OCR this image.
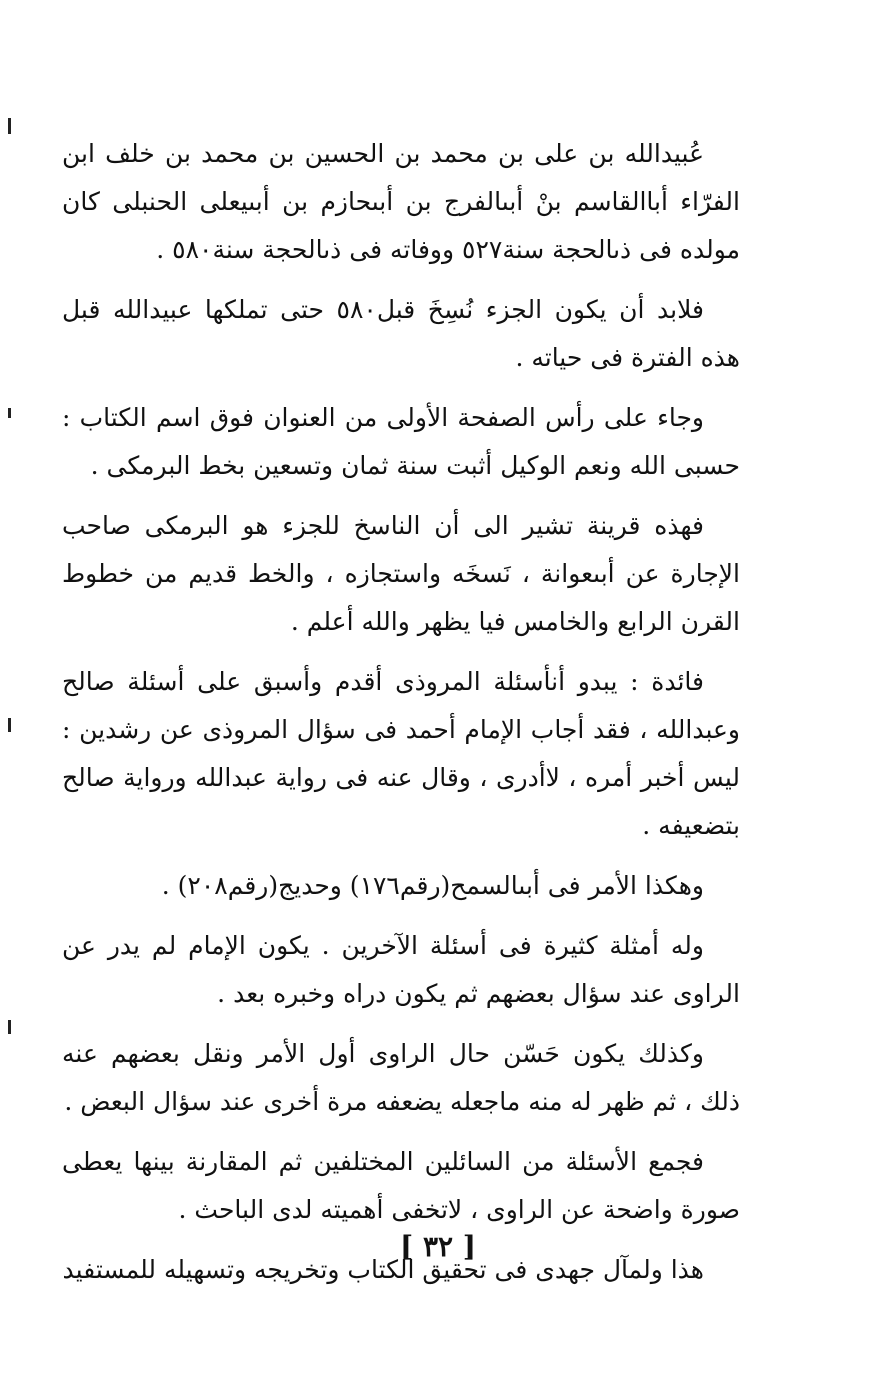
عُبيدالله بن على بن محمد بن الحسين بن محمد بن خلف ابن الفرّاء أباالقاسم بنْ أبىالفرج بن أبىحازم بن أبىيعلى الحنبلى كان مولده فى ذىالحجة سنة٥٢٧ ووفاته فى ذىالحجة سنة٥٨٠ .

فلابد أن يكون الجزء نُسِخَ قبل٥٨٠ حتى تملكها عبيدالله قبل هذه الفترة فى حياته .

وجاء على رأس الصفحة الأولى من العنوان فوق اسم الكتاب : حسبى الله ونعم الوكيل أثبت سنة ثمان وتسعين بخط البرمكى .

فهذه قرينة تشير الى أن الناسخ للجزء هو البرمكى صاحب الإجارة عن أبىعوانة ، نَسخَه واستجازه ، والخط قديم من خطوط القرن الرابع والخامس فيا يظهر والله أعلم .

فائدة : يبدو أنأسئلة المروذى أقدم وأسبق على أسئلة صالح وعبدالله ، فقد أجاب الإمام أحمد فى سؤال المروذى عن رشدين : ليس أخبر أمره ، لاأدرى ، وقال عنه فى رواية عبدالله ورواية صالح بتضعيفه .

وهكذا الأمر فى أبىالسمح(رقم١٧٦) وحديج(رقم٢٠٨) .

وله أمثلة كثيرة فى أسئلة الآخرين . يكون الإمام لم يدر عن الراوى عند سؤال بعضهم ثم يكون دراه وخبره بعد .

وكذلك يكون حَسّن حال الراوى أول الأمر ونقل بعضهم عنه ذلك ، ثم ظهر له منه ماجعله يضعفه مرة أخرى عند سؤال البعض .

فجمع الأسئلة من السائلين المختلفين ثم المقارنة بينها يعطى صورة واضحة عن الراوى ، لاتخفى أهميته لدى الباحث .

هذا ولمآل جهدى فى تحقيق الكتاب وتخريجه وتسهيله للمستفيد

[ ٣٢ ]
